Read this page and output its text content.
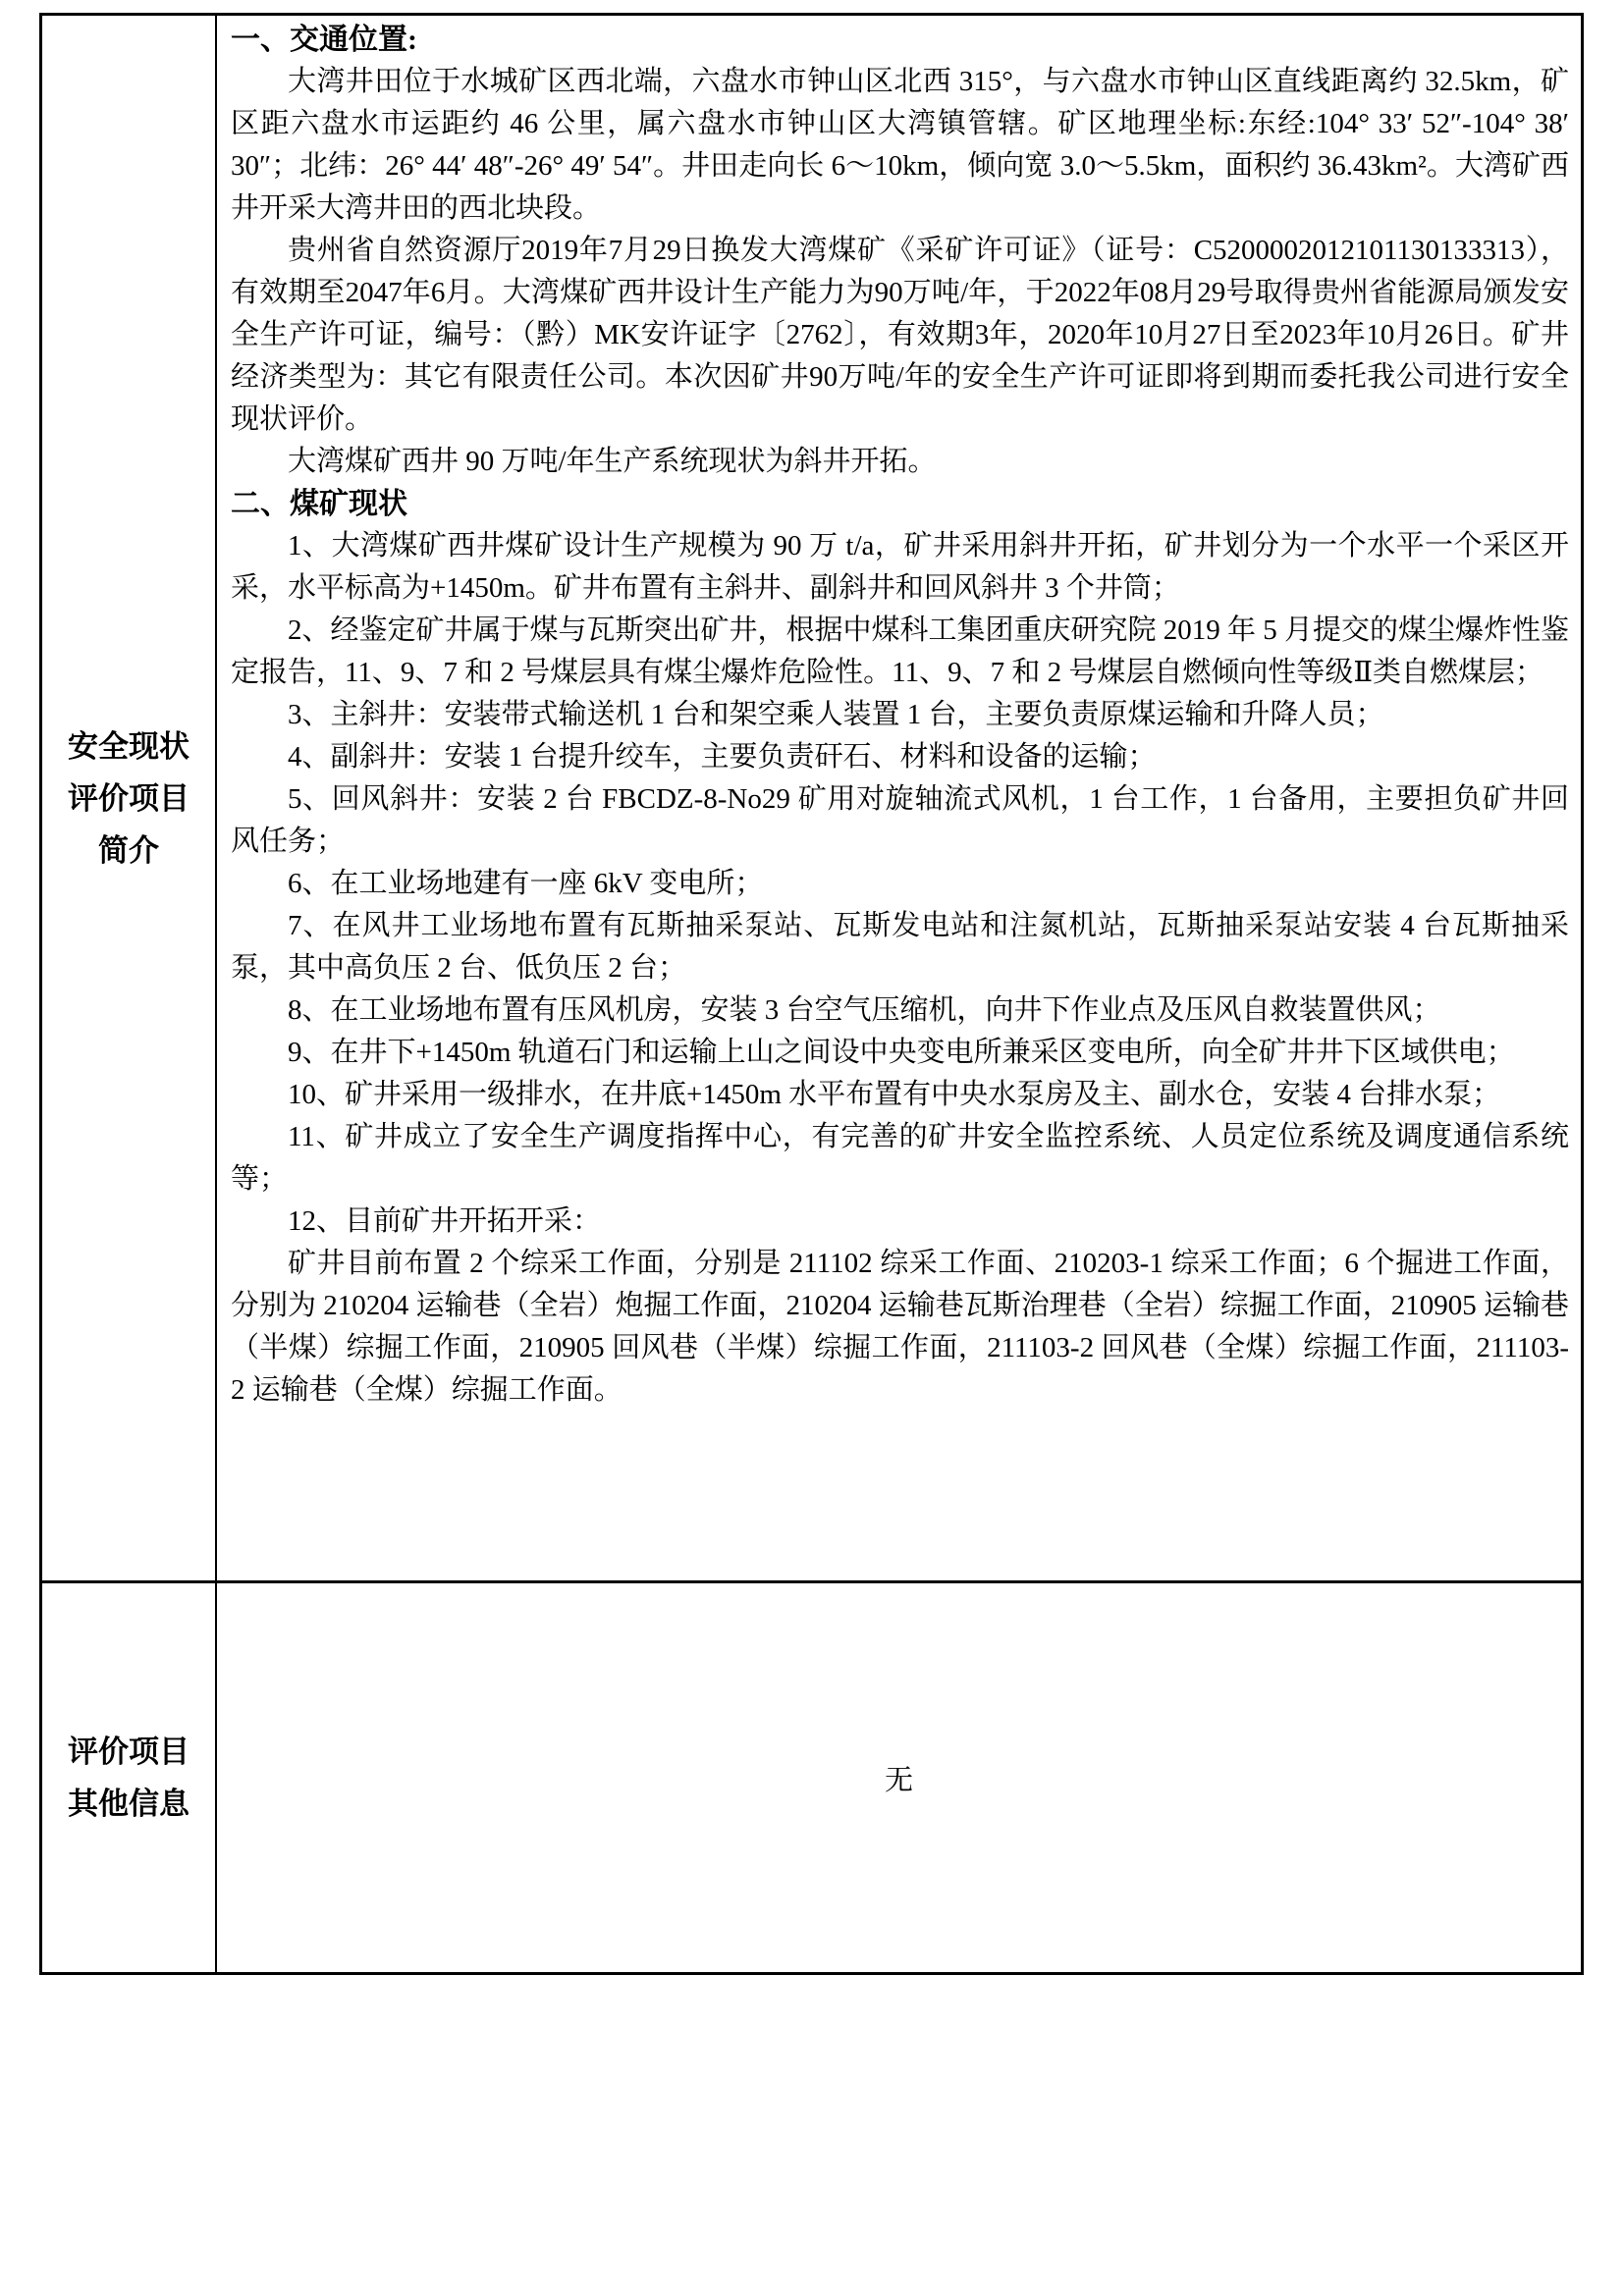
安全现状
评价项目
简介

一、交通位置:

大湾井田位于水城矿区西北端，六盘水市钟山区北西 315°，与六盘水市钟山区直线距离约 32.5km，矿区距六盘水市运距约 46 公里，属六盘水市钟山区大湾镇管辖。矿区地理坐标:东经:104° 33′ 52″-104° 38′ 30″；北纬：26° 44′ 48″-26° 49′ 54″。井田走向长 6～10km，倾向宽 3.0～5.5km，面积约 36.43km²。大湾矿西井开采大湾井田的西北块段。

贵州省自然资源厅2019年7月29日换发大湾煤矿《采矿许可证》（证号：C5200002012101130133313），有效期至2047年6月。大湾煤矿西井设计生产能力为90万吨/年，于2022年08月29号取得贵州省能源局颁发安全生产许可证，编号：（黔）MK安许证字〔2762〕，有效期3年，2020年10月27日至2023年10月26日。矿井经济类型为：其它有限责任公司。本次因矿井90万吨/年的安全生产许可证即将到期而委托我公司进行安全现状评价。

大湾煤矿西井 90 万吨/年生产系统现状为斜井开拓。

二、煤矿现状

1、大湾煤矿西井煤矿设计生产规模为 90 万 t/a，矿井采用斜井开拓，矿井划分为一个水平一个采区开采，水平标高为+1450m。矿井布置有主斜井、副斜井和回风斜井 3 个井筒；

2、经鉴定矿井属于煤与瓦斯突出矿井，根据中煤科工集团重庆研究院 2019 年 5 月提交的煤尘爆炸性鉴定报告，11、9、7 和 2 号煤层具有煤尘爆炸危险性。11、9、7 和 2 号煤层自燃倾向性等级Ⅱ类自燃煤层；

3、主斜井：安装带式输送机 1 台和架空乘人装置 1 台，主要负责原煤运输和升降人员；

4、副斜井：安装 1 台提升绞车，主要负责矸石、材料和设备的运输；

5、回风斜井：安装 2 台 FBCDZ-8-No29 矿用对旋轴流式风机，1 台工作，1 台备用，主要担负矿井回风任务；

6、在工业场地建有一座 6kV 变电所；

7、在风井工业场地布置有瓦斯抽采泵站、瓦斯发电站和注氮机站，瓦斯抽采泵站安装 4 台瓦斯抽采泵，其中高负压 2 台、低负压 2 台；

8、在工业场地布置有压风机房，安装 3 台空气压缩机，向井下作业点及压风自救装置供风；

9、在井下+1450m 轨道石门和运输上山之间设中央变电所兼采区变电所，向全矿井井下区域供电；

10、矿井采用一级排水，在井底+1450m 水平布置有中央水泵房及主、副水仓，安装 4 台排水泵；

11、矿井成立了安全生产调度指挥中心，有完善的矿井安全监控系统、人员定位系统及调度通信系统等；

12、目前矿井开拓开采：

矿井目前布置 2 个综采工作面，分别是 211102 综采工作面、210203-1 综采工作面；6 个掘进工作面，分别为 210204 运输巷（全岩）炮掘工作面，210204 运输巷瓦斯治理巷（全岩）综掘工作面，210905 运输巷（半煤）综掘工作面，210905 回风巷（半煤）综掘工作面，211103-2 回风巷（全煤）综掘工作面，211103-2 运输巷（全煤）综掘工作面。

评价项目
其他信息
无
